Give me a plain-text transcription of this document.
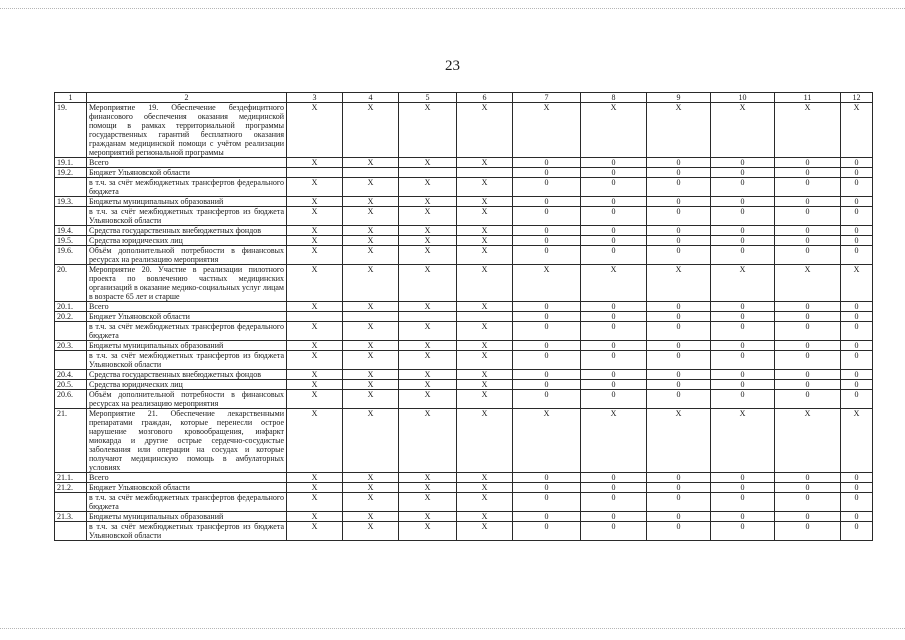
23
1	2	3	4	5	6	7	8	9	10	11	12
19.	Мероприятие 19. Обеспечение бездефицитного финансового обеспечения оказания медицинской помощи в рамках территориальной программы государственных гарантий бесплатного оказания гражданам медицинской помощи с учётом реализации мероприятий региональной программы	X	X	X	X	X	X	X	X	X	X
19.1.	Всего	X	X	X	X	0	0	0	0	0	0
19.2.	Бюджет Ульяновской области					0	0	0	0	0	0
	в т.ч. за счёт межбюджетных трансфертов федерального бюджета	X	X	X	X	0	0	0	0	0	0
19.3.	Бюджеты муниципальных образований	X	X	X	X	0	0	0	0	0	0
	в т.ч. за счёт межбюджетных трансфертов из бюджета Ульяновской области	X	X	X	X	0	0	0	0	0	0
19.4.	Средства государственных внебюджетных фондов	X	X	X	X	0	0	0	0	0	0
19.5.	Средства юридических лиц	X	X	X	X	0	0	0	0	0	0
19.6.	Объём дополнительной потребности в финансовых ресурсах на реализацию мероприятия	X	X	X	X	0	0	0	0	0	0
20.	Мероприятие 20. Участие в реализации пилотного проекта по вовлечению частных медицинских организаций в оказание медико-социальных услуг лицам в возрасте 65 лет и старше	X	X	X	X	X	X	X	X	X	X
20.1.	Всего	X	X	X	X	0	0	0	0	0	0
20.2.	Бюджет Ульяновской области					0	0	0	0	0	0
	в т.ч. за счёт межбюджетных трансфертов федерального бюджета	X	X	X	X	0	0	0	0	0	0
20.3.	Бюджеты муниципальных образований	X	X	X	X	0	0	0	0	0	0
	в т.ч. за счёт межбюджетных трансфертов из бюджета Ульяновской области	X	X	X	X	0	0	0	0	0	0
20.4.	Средства государственных внебюджетных фондов	X	X	X	X	0	0	0	0	0	0
20.5.	Средства юридических лиц	X	X	X	X	0	0	0	0	0	0
20.6.	Объём дополнительной потребности в финансовых ресурсах на реализацию мероприятия	X	X	X	X	0	0	0	0	0	0
21.	Мероприятие 21. Обеспечение лекарственными препаратами граждан, которые перенесли острое нарушение мозгового кровообращения, инфаркт миокарда и другие острые сердечно-сосудистые заболевания или операции на сосудах и которые получают медицинскую помощь в амбулаторных условиях	X	X	X	X	X	X	X	X	X	X
21.1.	Всего	X	X	X	X	0	0	0	0	0	0
21.2.	Бюджет Ульяновской области	X	X	X	X	0	0	0	0	0	0
	в т.ч. за счёт межбюджетных трансфертов федерального бюджета	X	X	X	X	0	0	0	0	0	0
21.3.	Бюджеты муниципальных образований	X	X	X	X	0	0	0	0	0	0
	в т.ч. за счёт межбюджетных трансфертов из бюджета Ульяновской области	X	X	X	X	0	0	0	0	0	0
